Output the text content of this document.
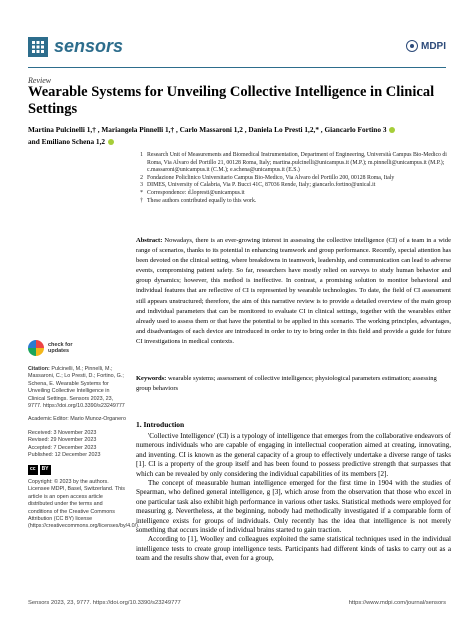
sensors	MDPI
Review
Wearable Systems for Unveiling Collective Intelligence in Clinical Settings
Martina Pulcinelli 1,† , Mariangela Pinnelli 1,† , Carlo Massaroni 1,2 , Daniela Lo Presti 1,2,* , Giancarlo Fortino 3
and Emiliano Schena 1,2
1 Research Unit of Measurements and Biomedical Instrumentation, Department of Engineering, Università Campus Bio-Medico di Roma, Via Alvaro del Portillo 21, 00128 Roma, Italy; martina.pulcinelli@unicampus.it (M.P.); m.pinnelli@unicampus.it (M.P.); c.massaroni@unicampus.it (C.M.); e.schena@unicampus.it (E.S.)
2 Fondazione Policlinico Universitario Campus Bio-Medico, Via Alvaro del Portillo 200, 00128 Roma, Italy
3 DIMES, University of Calabria, Via P. Bucci 41C, 87036 Rende, Italy; giancarlo.fortino@unical.it
* Correspondence: d.lopresti@unicampus.it
† These authors contributed equally to this work.
Abstract: Nowadays, there is an ever-growing interest in assessing the collective intelligence (CI) of a team in a wide range of scenarios, thanks to its potential in enhancing teamwork and group performance. Recently, special attention has been devoted on the clinical setting, where breakdowns in teamwork, leadership, and communication can lead to adverse events, compromising patient safety. So far, researchers have mostly relied on surveys to study human behavior and group dynamics; however, this method is ineffective. In contrast, a promising solution to monitor behavioral and individual features that are reflective of CI is represented by wearable technologies. To date, the field of CI assessment still appears unstructured; therefore, the aim of this narrative review is to provide a detailed overview of the main group and individual parameters that can be monitored to evaluate CI in clinical settings, together with the wearables either already used to assess them or that have the potential to be applied in this scenario. The working principles, advantages, and disadvantages of each device are introduced in order to try to bring order in this field and provide a guide for future CI investigations in medical contexts.
Keywords: wearable systems; assessment of collective intelligence; physiological parameters estimation; assessing group behaviors
check for
updates
Citation: Pulcinelli, M.; Pinnelli, M.; Massaroni, C.; Lo Presti, D.; Fortino, G.; Schena, E. Wearable Systems for Unveiling Collective Intelligence in Clinical Settings. Sensors 2023, 23, 9777. https://doi.org/10.3390/s23249777
Academic Editor: Mario Munoz-Organero
Received: 3 November 2023
Revised: 29 November 2023
Accepted: 7 December 2023
Published: 12 December 2023
cc	BY
Copyright: © 2023 by the authors. Licensee MDPI, Basel, Switzerland. This article is an open access article distributed under the terms and conditions of the Creative Commons Attribution (CC BY) license (https://creativecommons.org/licenses/by/4.0/).
1. Introduction

'Collective Intelligence' (CI) is a typology of intelligence that emerges from the collaborative endeavors of numerous individuals who are capable of engaging in intellectual cooperation aimed at creating, innovating, and inventing. CI is known as the general capacity of a group to effectively undertake a diverse range of tasks [1]. CI is a property of the group itself and has been found to possess predictive strength that surpasses that which can be revealed by only considering the individual capabilities of its members [2].

The concept of measurable human intelligence emerged for the first time in 1904 with the studies of Spearman, who defined general intelligence, g [3], which arose from the observation that those who excel in one particular task also exhibit high performance in various other tasks. Statistical methods were employed for measuring g. Nevertheless, at the beginning, nobody had methodically investigated if a comparable form of intelligence exists for groups of individuals. Only recently has the idea that intelligence is not merely something that occurs inside of individual brains started to gain traction.

According to [1], Woolley and colleagues exploited the same statistical techniques used in the individual intelligence tests to create group intelligence tests. Participants had different kinds of tasks to carry out as a team and the results show that, even for a group,

Sensors 2023, 23, 9777. https://doi.org/10.3390/s23249777	https://www.mdpi.com/journal/sensors
